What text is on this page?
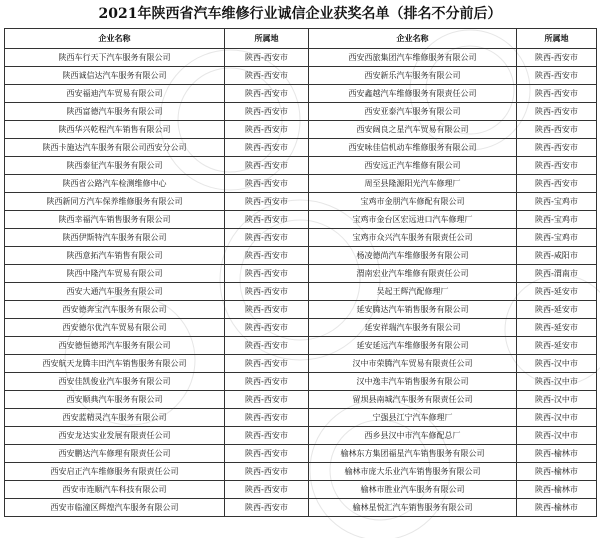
2021年陕西省汽车维修行业诚信企业获奖名单（排名不分前后）
企业名称	所属地	企业名称	所属地
陕西车行天下汽车服务有限公司	陕西-西安市	西安西旅集团汽车维修服务有限公司	陕西-西安市
陕西诚信达汽车服务有限公司	陕西-西安市	西安新乐汽车服务有限公司	陕西-西安市
西安福迪汽车贸易有限公司	陕西-西安市	西安鑫越汽车维修服务有限责任公司	陕西-西安市
陕西富德汽车服务有限公司	陕西-西安市	西安亚泰汽车服务有限公司	陕西-西安市
陕西华兴乾程汽车销售有限公司	陕西-西安市	西安阔良之星汽车贸易有限公司	陕西-西安市
陕西卡施达汽车服务有限公司西安分公司	陕西-西安市	西安咏佳信机动车维修服务有限公司	陕西-西安市
陕西泰征汽车服务有限公司	陕西-西安市	西安远正汽车维修有限公司	陕西-西安市
陕西省公路汽车检测维修中心	陕西-西安市	周至县隆源阳光汽车修理厂	陕西-西安市
陕西新同方汽车保养维修服务有限公司	陕西-西安市	宝鸡市金朋汽车修配有限公司	陕西-宝鸡市
陕西幸福汽车销售服务有限公司	陕西-西安市	宝鸡市金台区宏远进口汽车修理厂	陕西-宝鸡市
陕西伊斯特汽车服务有限公司	陕西-西安市	宝鸡市众兴汽车服务有限责任公司	陕西-宝鸡市
陕西意拓汽车销售有限公司	陕西-西安市	杨凌德尚汽车维修服务有限公司	陕西-咸阳市
陕西中隆汽车贸易有限公司	陕西-西安市	渭南宏业汽车维修有限责任公司	陕西-渭南市
西安大通汽车服务有限公司	陕西-西安市	吴起王辉汽配修理厂	陕西-延安市
西安德奔宝汽车服务有限公司	陕西-西安市	延安腾达汽车销售服务有限公司	陕西-延安市
西安德尔优汽车贸易有限公司	陕西-西安市	延安祥瑞汽车服务有限公司	陕西-延安市
西安德恒德邦汽车服务有限公司	陕西-西安市	延安延远汽车维修服务有限公司	陕西-延安市
西安航天龙腾丰田汽车销售服务有限公司	陕西-西安市	汉中市荣腾汽车贸易有限责任公司	陕西-汉中市
西安佳凯俊业汽车服务有限公司	陕西-西安市	汉中逸丰汽车销售服务有限公司	陕西-汉中市
西安顺典汽车服务有限公司	陕西-西安市	留坝县南城汽车服务有限责任公司	陕西-汉中市
西安蓝精灵汽车服务有限公司	陕西-西安市	宁强县江宁汽车修理厂	陕西-汉中市
西安龙达实业发展有限责任公司	陕西-西安市	西乡县汉中市汽车修配总厂	陕西-汉中市
西安鹏达汽车修理有限责任公司	陕西-西安市	榆林东方集团福星汽车销售服务有限公司	陕西-榆林市
西安启正汽车维修服务有限责任公司	陕西-西安市	榆林市庞大乐业汽车销售服务有限公司	陕西-榆林市
西安市连顺汽车科技有限公司	陕西-西安市	榆林市胜业汽车服务有限公司	陕西-榆林市
西安市临潼区辉煌汽车服务有限公司	陕西-西安市	榆林星悦汇汽车销售服务有限公司	陕西-榆林市
